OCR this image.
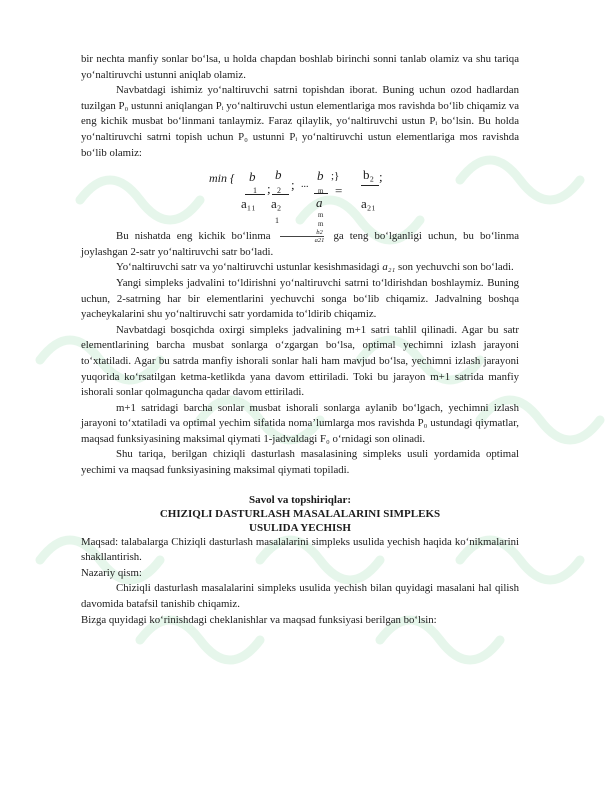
bir nechta manfiy sonlar bo‘lsa, u holda chapdan boshlab birinchi sonni tanlab olamiz va shu tariqa yo‘naltiruvchi ustunni aniqlab olamiz.

Navbatdagi ishimiz yo‘naltiruvchi satrni topishdan iborat. Buning uchun ozod hadlardan tuzilgan P₀ ustunni aniqlangan Pᵢ yo‘naltiruvchi ustun elementlariga mos ravishda bo‘lib chiqamiz va eng kichik musbat bo‘linmani tanlaymiz. Faraz qilaylik, yo‘naltiruvchi ustun Pᵢ bo‘lsin. Bu holda yo‘naltiruvchi satrni topish uchun P₀ ustunni Pᵢ yo‘naltiruvchi ustun elementlariga mos ravishda bo‘lib olamiz:

min { b
1
a₁₁
;
b
2
a₂
1
; ...
b
m
a
m
m
;}
=
b₂
a₂₁
;

Bu nishatda eng kichik bo‘linma $\frac{b2}{a21}$ ga teng bo‘lganligi uchun, bu bo‘linma joylashgan 2-satr yo‘naltiruvchi satr bo‘ladi.

Yo‘naltiruvchi satr va yo‘naltiruvchi ustunlar kesishmasidagi a₂₁ son yechuvchi son bo‘ladi.

Yangi simpleks jadvalini to‘ldirishni yo‘naltiruvchi satrni to‘ldirishdan boshlaymiz. Buning uchun, 2-satrning har bir elementlarini yechuvchi songa bo‘lib chiqamiz. Jadvalning boshqa yacheykalarini shu yo‘naltiruvchi satr yordamida to‘ldirib chiqamiz.

Navbatdagi bosqichda oxirgi simpleks jadvalining m+1 satri tahlil qilinadi. Agar bu satr elementlarining barcha musbat sonlarga o‘zgargan bo‘lsa, optimal yechimni izlash jarayoni to‘xtatiladi. Agar bu satrda manfiy ishorali sonlar hali ham mavjud bo‘lsa, yechimni izlash jarayoni yuqorida ko‘rsatilgan ketma-ketlikda yana davom ettiriladi. Toki bu jarayon m+1 satrida manfiy ishorali sonlar qolmaguncha qadar davom ettiriladi.

m+1 satridagi barcha sonlar musbat ishorali sonlarga aylanib bo‘lgach, yechimni izlash jarayoni to‘xtatiladi va optimal yechim sifatida noma’lumlarga mos ravishda P₀ ustundagi qiymatlar, maqsad funksiyasining maksimal qiymati 1-jadvaldagi F₀ o‘rnidagi son olinadi.

Shu tariqa, berilgan chiziqli dasturlash masalasining simpleks usuli yordamida optimal yechimi va maqsad funksiyasining maksimal qiymati topiladi.

Savol va topshiriqlar:

CHIZIQLI DASTURLASH MASALALARINI SIMPLEKS

USULIDA YECHISH

Maqsad: talabalarga Chiziqli dasturlash masalalarini simpleks usulida yechish haqida ko‘nikmalarini shakllantirish.

Nazariy qism:

Chiziqli dasturlash masalalarini simpleks usulida yechish bilan quyidagi masalani hal qilish davomida batafsil tanishib chiqamiz.

Bizga quyidagi ko‘rinishdagi cheklanishlar va maqsad funksiyasi berilgan bo‘lsin:
